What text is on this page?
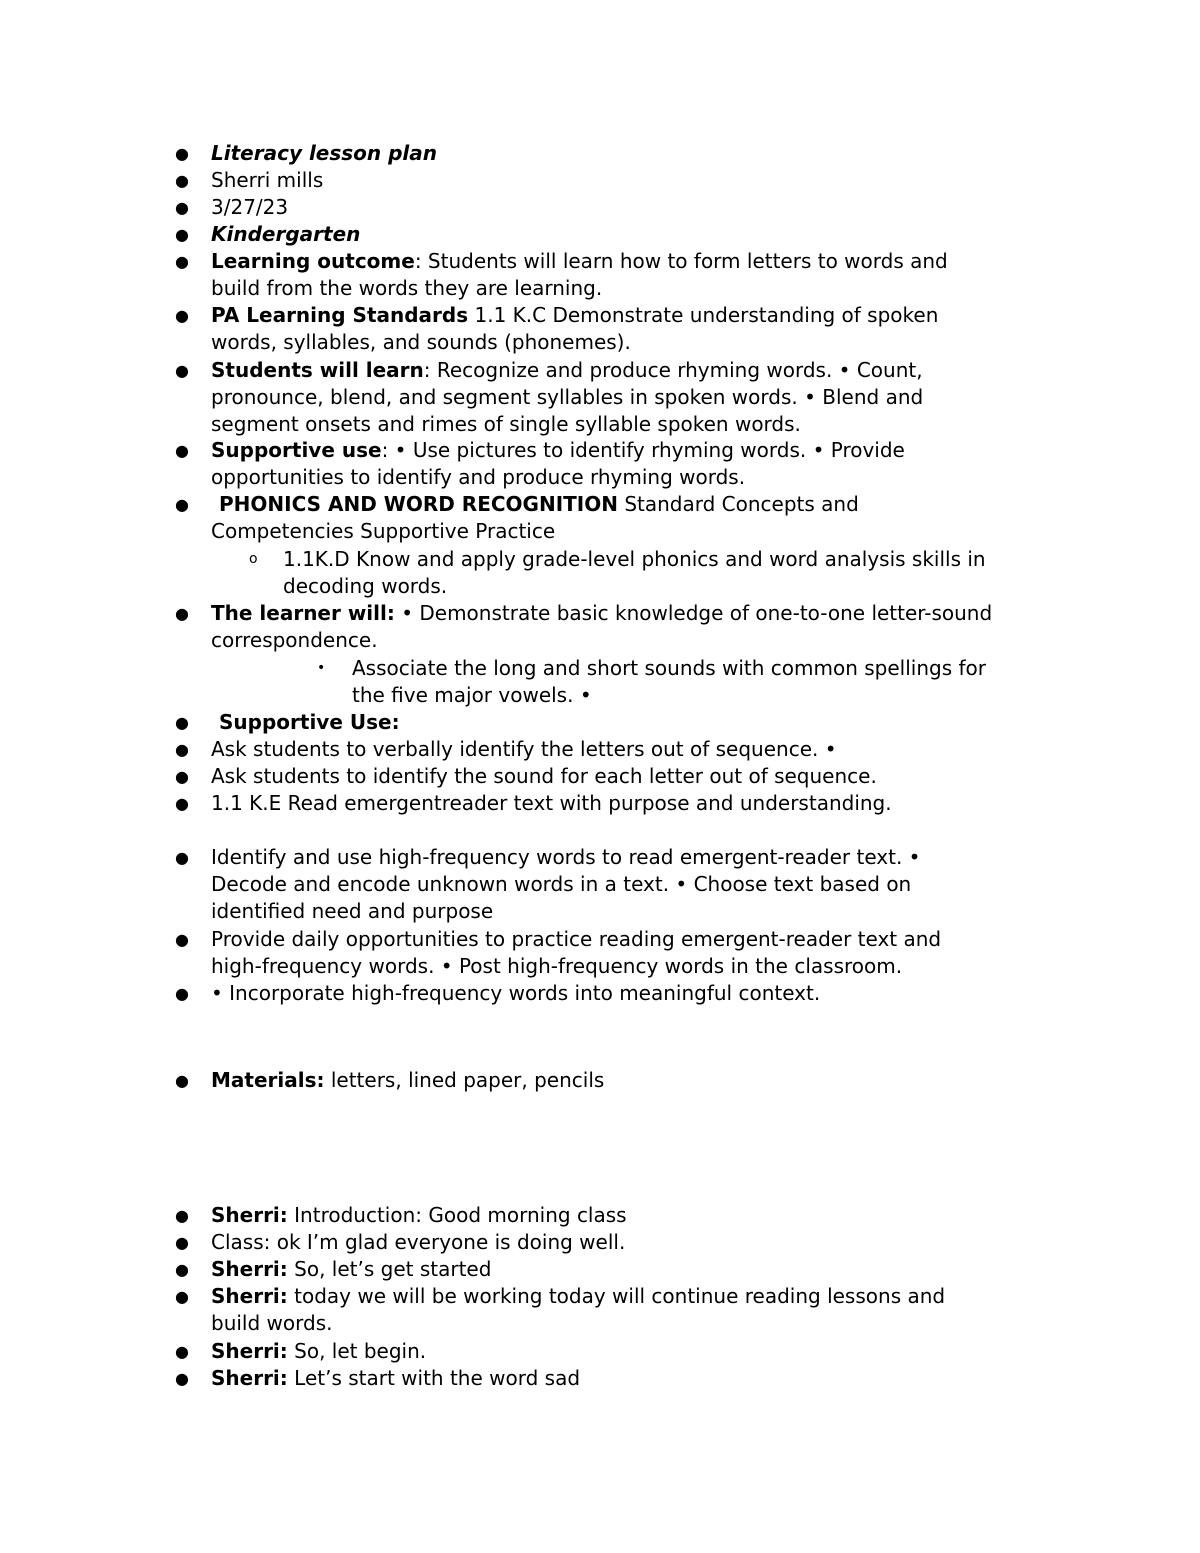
● Literacy lesson plan
● Sherri mills
● 3/27/23
● Kindergarten
● Learning outcome: Students will learn how to form letters to words and
build from the words they are learning.
● PA Learning Standards 1.1 K.C Demonstrate understanding of spoken
words, syllables, and sounds (phonemes).
● Students will learn: Recognize and produce rhyming words. • Count,
pronounce, blend, and segment syllables in spoken words. • Blend and
segment onsets and rimes of single syllable spoken words.
● Supportive use: • Use pictures to identify rhyming words. • Provide
opportunities to identify and produce rhyming words.
● PHONICS AND WORD RECOGNITION Standard Concepts and
Competencies Supportive Practice
o 1.1K.D Know and apply grade-level phonics and word analysis skills in
decoding words.
● The learner will: • Demonstrate basic knowledge of one-to-one letter-sound
correspondence.
• Associate the long and short sounds with common spellings for
the five major vowels. •
● Supportive Use:
● Ask students to verbally identify the letters out of sequence. •
● Ask students to identify the sound for each letter out of sequence.
● 1.1 K.E Read emergentreader text with purpose and understanding.
● Identify and use high-frequency words to read emergent-reader text. •
Decode and encode unknown words in a text. • Choose text based on
identified need and purpose
● Provide daily opportunities to practice reading emergent-reader text and
high-frequency words. • Post high-frequency words in the classroom.
● • Incorporate high-frequency words into meaningful context.
● Materials: letters, lined paper, pencils
● Sherri: Introduction: Good morning class
● Class: ok I’m glad everyone is doing well.
● Sherri: So, let’s get started
● Sherri: today we will be working today will continue reading lessons and
build words.
● Sherri: So, let begin.
● Sherri: Let’s start with the word sad
